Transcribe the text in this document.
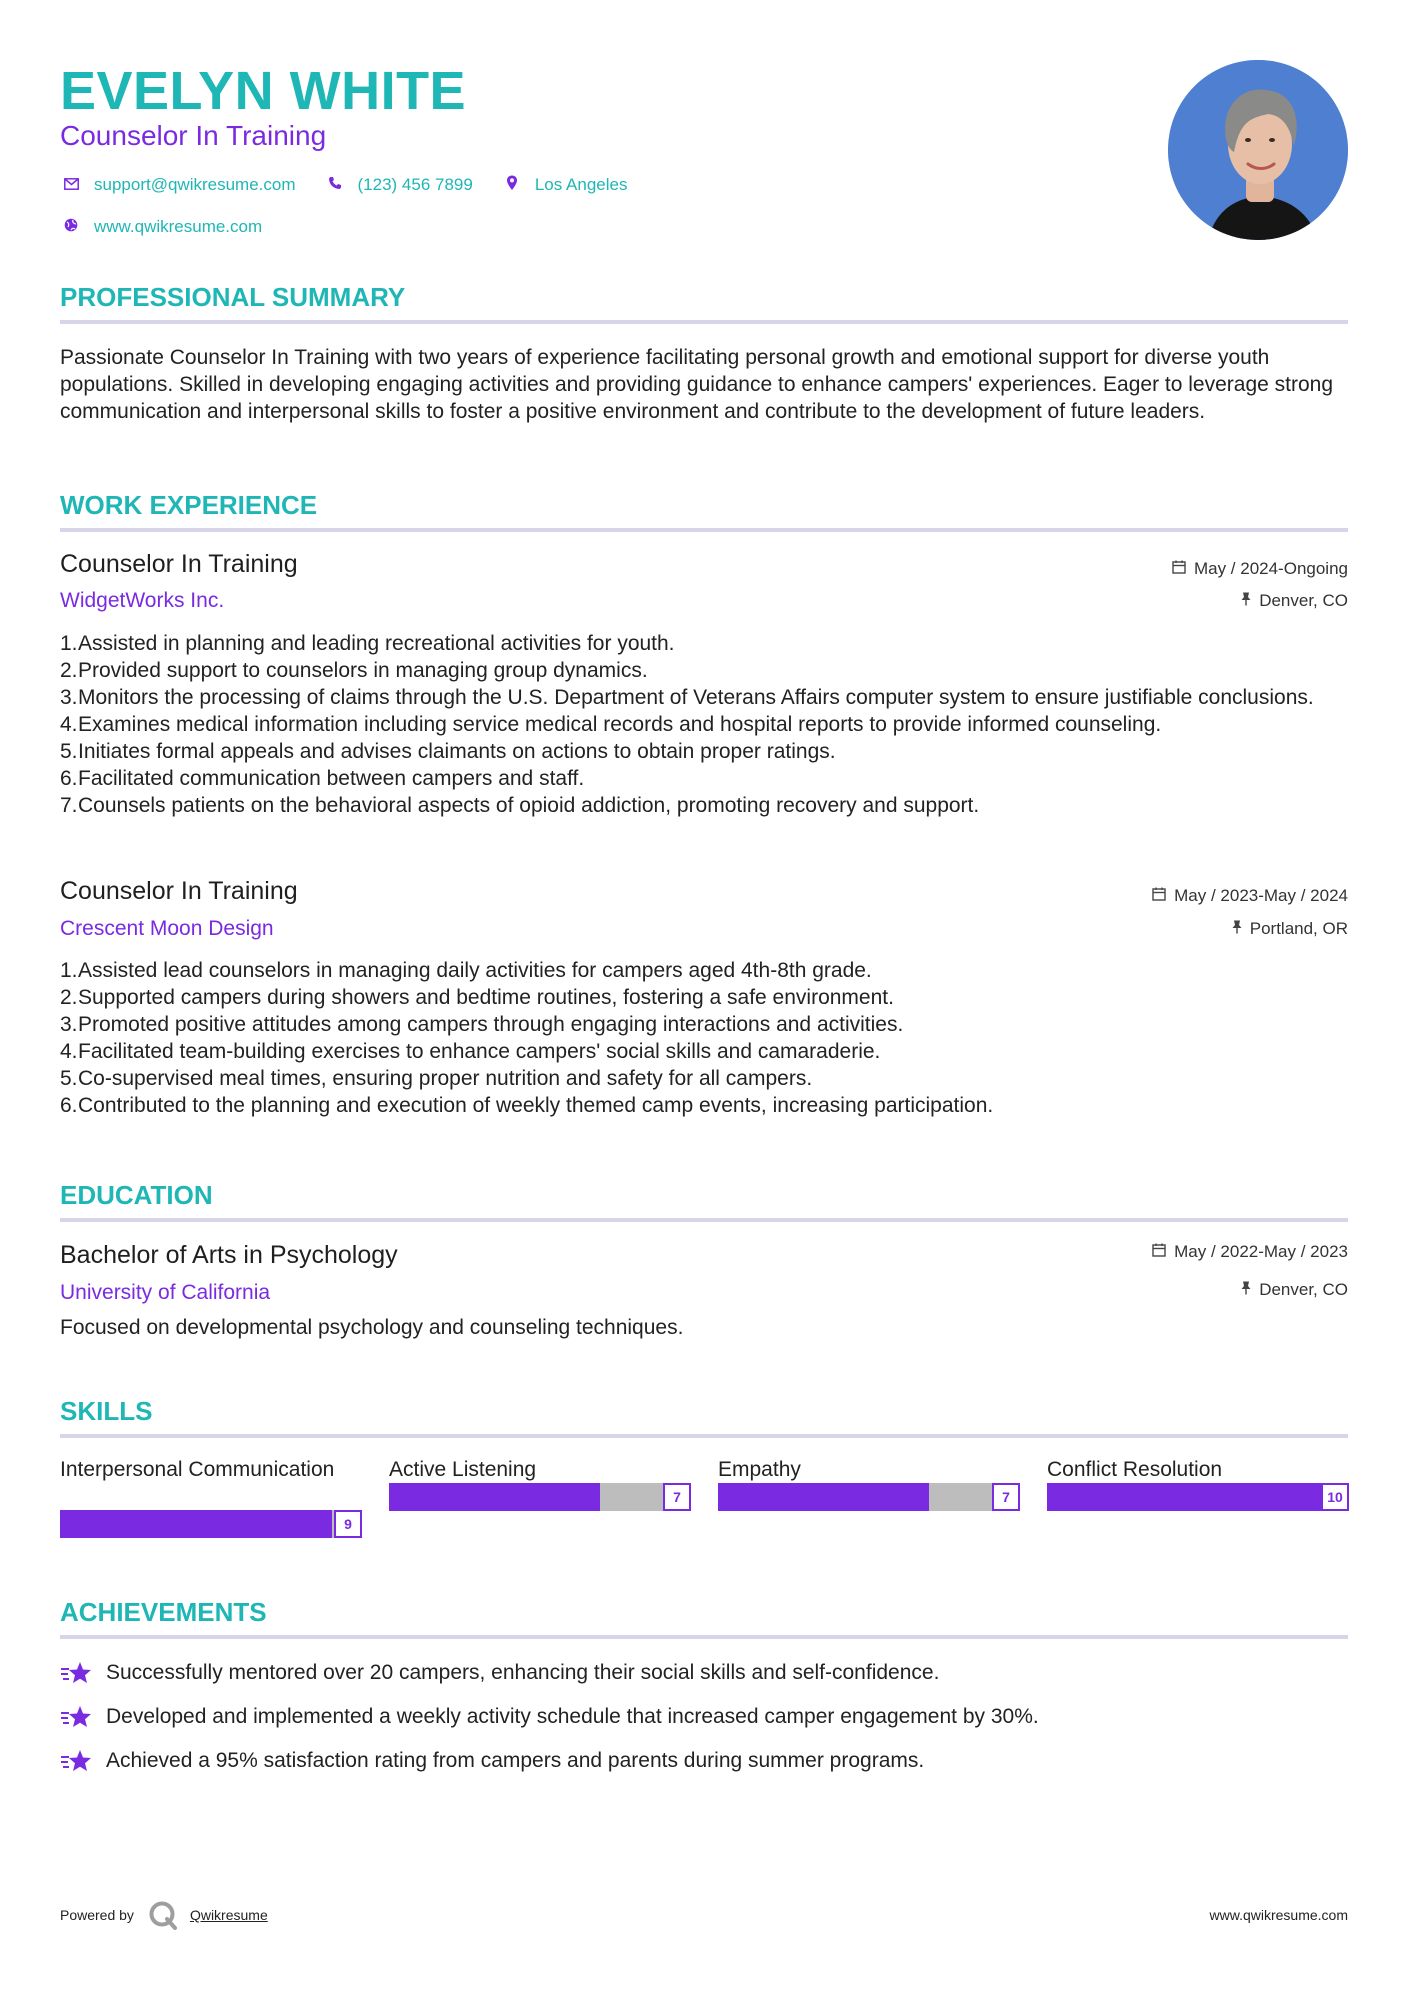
EVELYN WHITE
Counselor In Training
support@qwikresume.com	(123) 456 7899	Los Angeles
www.qwikresume.com
PROFESSIONAL SUMMARY
Passionate Counselor In Training with two years of experience facilitating personal growth and emotional support for diverse youth populations. Skilled in developing engaging activities and providing guidance to enhance campers' experiences. Eager to leverage strong communication and interpersonal skills to foster a positive environment and contribute to the development of future leaders.
WORK EXPERIENCE
Counselor In Training
WidgetWorks Inc.
May / 2024-Ongoing
Denver, CO
1. Assisted in planning and leading recreational activities for youth.
2. Provided support to counselors in managing group dynamics.
3. Monitors the processing of claims through the U.S. Department of Veterans Affairs computer system to ensure justifiable conclusions.
4. Examines medical information including service medical records and hospital reports to provide informed counseling.
5. Initiates formal appeals and advises claimants on actions to obtain proper ratings.
6. Facilitated communication between campers and staff.
7. Counsels patients on the behavioral aspects of opioid addiction, promoting recovery and support.
Counselor In Training
Crescent Moon Design
May / 2023-May / 2024
Portland, OR
1. Assisted lead counselors in managing daily activities for campers aged 4th-8th grade.
2. Supported campers during showers and bedtime routines, fostering a safe environment.
3. Promoted positive attitudes among campers through engaging interactions and activities.
4. Facilitated team-building exercises to enhance campers' social skills and camaraderie.
5. Co-supervised meal times, ensuring proper nutrition and safety for all campers.
6. Contributed to the planning and execution of weekly themed camp events, increasing participation.
EDUCATION
Bachelor of Arts in Psychology
University of California
May / 2022-May / 2023
Denver, CO
Focused on developmental psychology and counseling techniques.
SKILLS
Interpersonal Communication
9
Active Listening
7
Empathy
7
Conflict Resolution
10
ACHIEVEMENTS
Successfully mentored over 20 campers, enhancing their social skills and self-confidence.
Developed and implemented a weekly activity schedule that increased camper engagement by 30%.
Achieved a 95% satisfaction rating from campers and parents during summer programs.
Powered by	Qwikresume	www.qwikresume.com
